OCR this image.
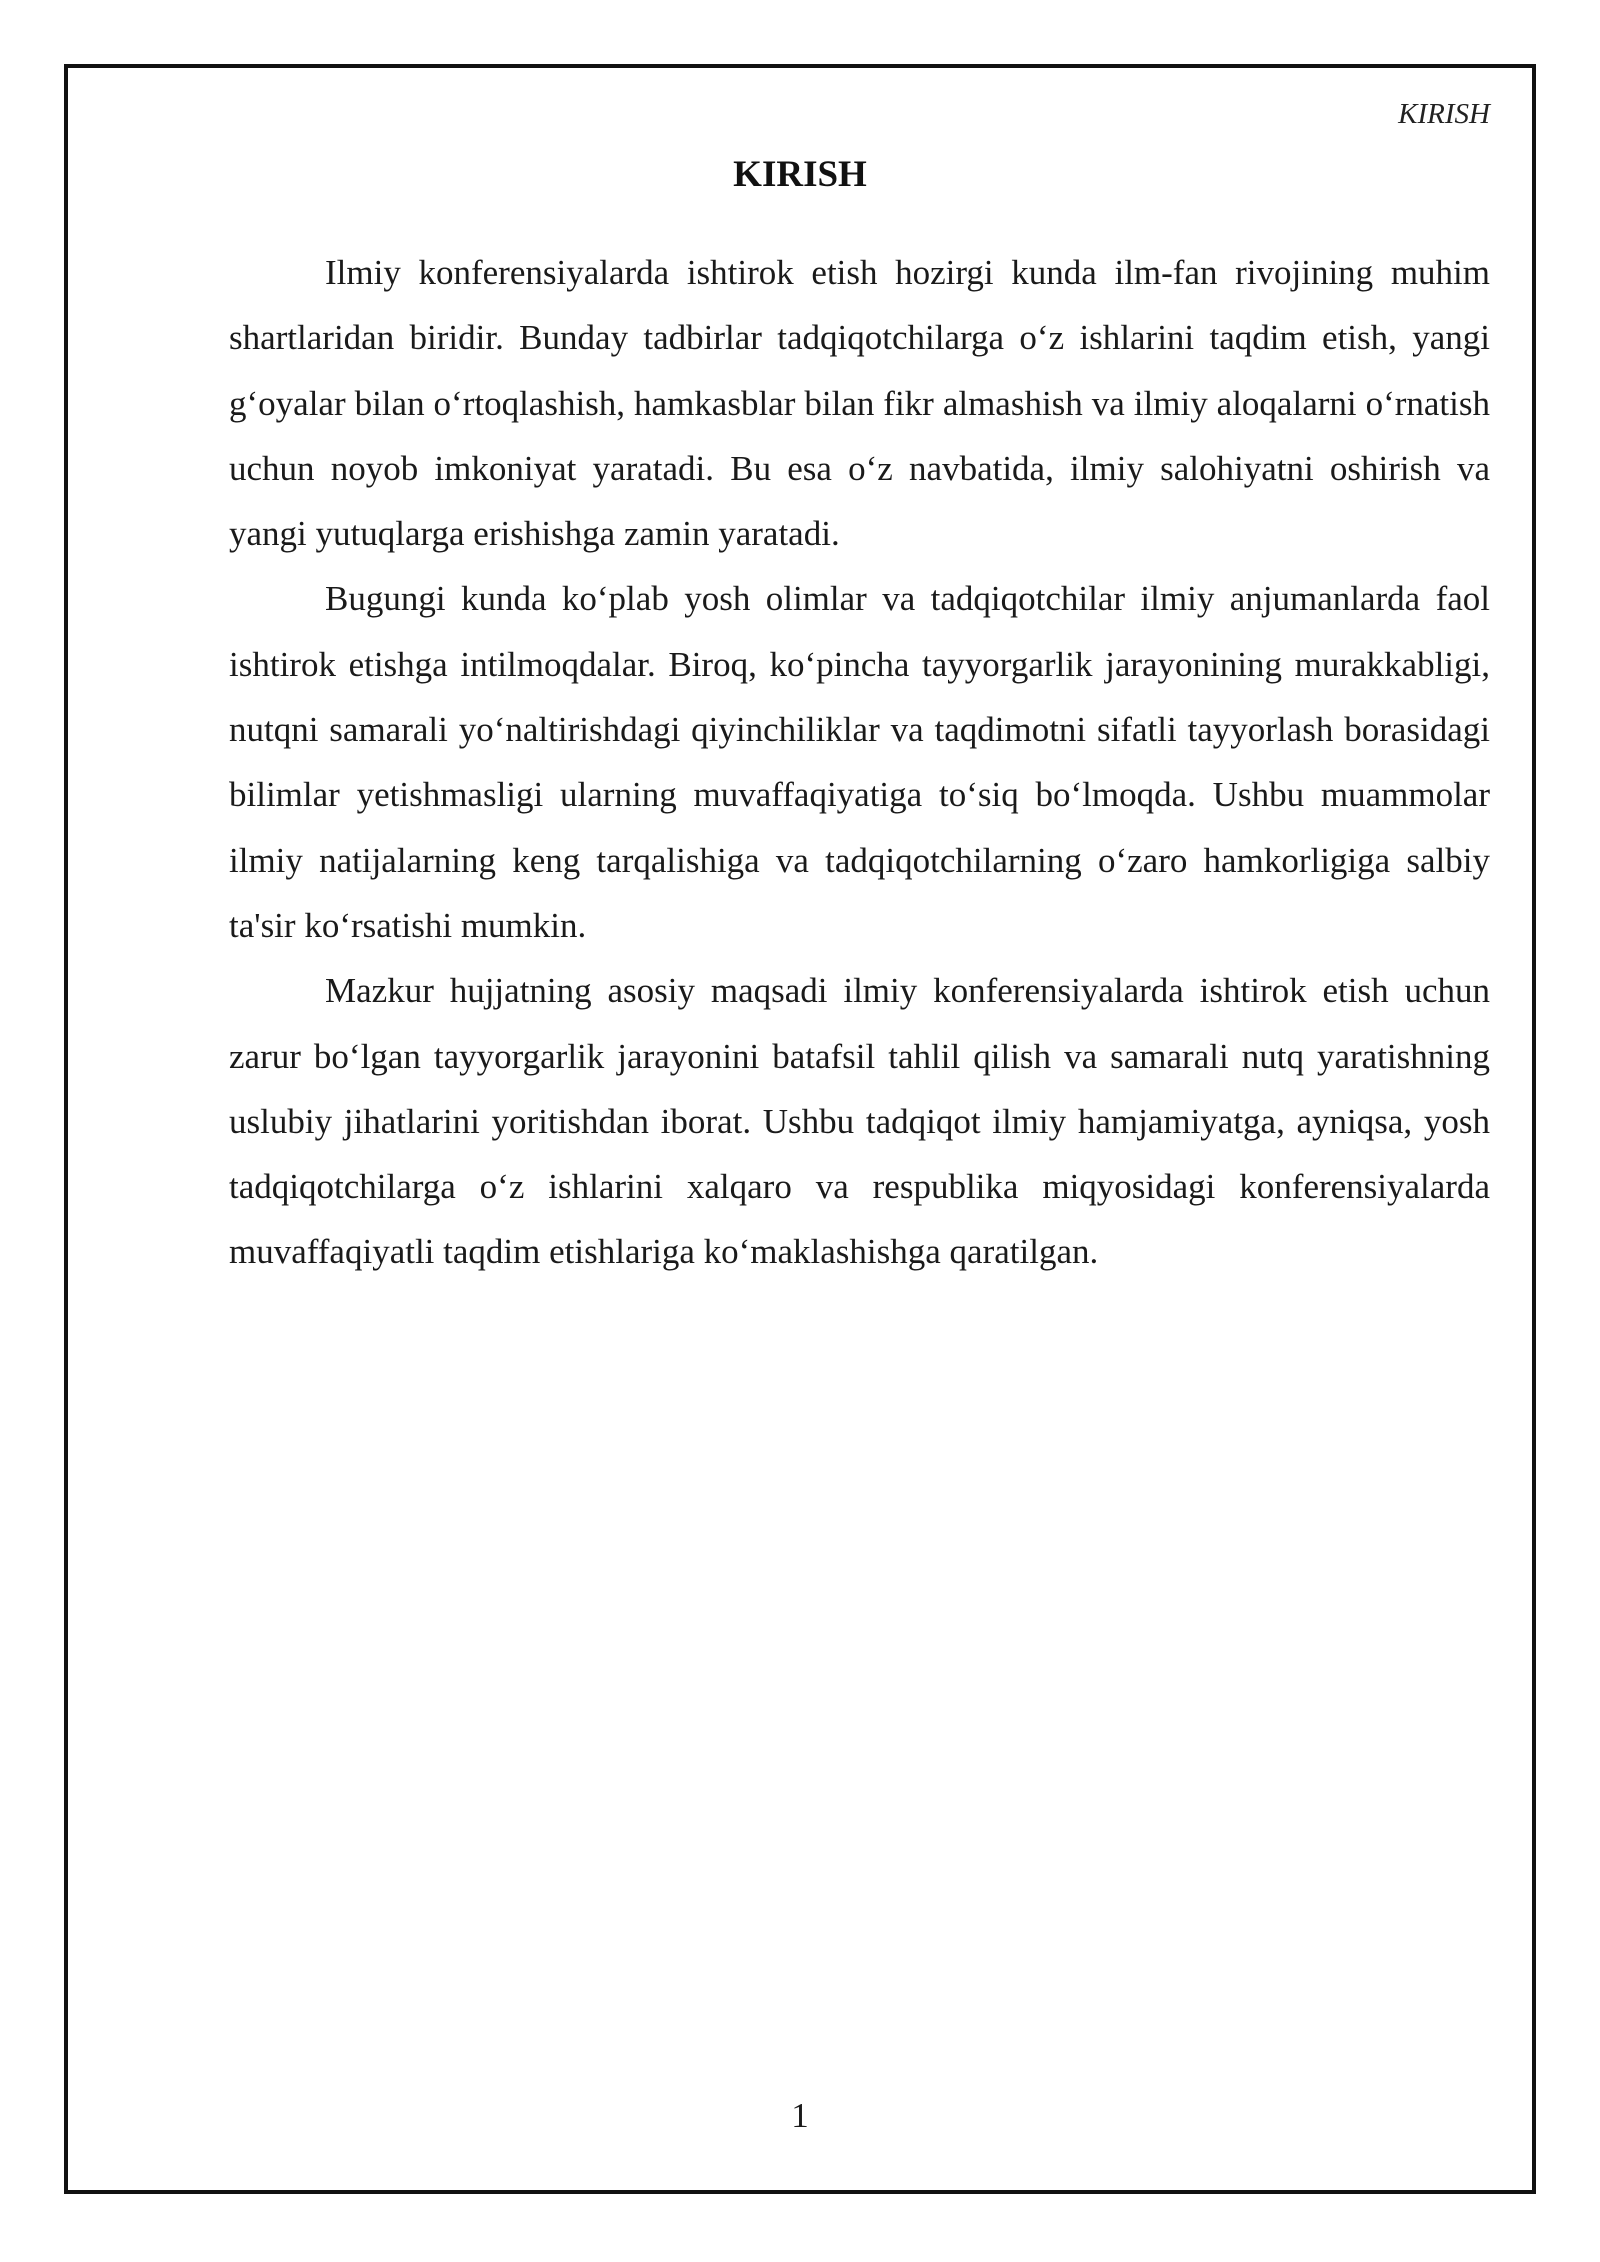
KIRISH
KIRISH

Ilmiy konferensiyalarda ishtirok etish hozirgi kunda ilm-fan rivojining muhim shartlaridan biridir. Bunday tadbirlar tadqiqotchilarga o‘z ishlarini taqdim etish, yangi g‘oyalar bilan o‘rtoqlashish, hamkasblar bilan fikr almashish va ilmiy aloqalarni o‘rnatish uchun noyob imkoniyat yaratadi. Bu esa o‘z navbatida, ilmiy salohiyatni oshirish va yangi yutuqlarga erishishga zamin yaratadi.

Bugungi kunda ko‘plab yosh olimlar va tadqiqotchilar ilmiy anjumanlarda faol ishtirok etishga intilmoqdalar. Biroq, ko‘pincha tayyorgarlik jarayonining murakkabligi, nutqni samarali yo‘naltirishdagi qiyinchiliklar va taqdimotni sifatli tayyorlash borasidagi bilimlar yetishmasligi ularning muvaffaqiyatiga to‘siq bo‘lmoqda. Ushbu muammolar ilmiy natijalarning keng tarqalishiga va tadqiqotchilarning o‘zaro hamkorligiga salbiy ta'sir ko‘rsatishi mumkin.

Mazkur hujjatning asosiy maqsadi ilmiy konferensiyalarda ishtirok etish uchun zarur bo‘lgan tayyorgarlik jarayonini batafsil tahlil qilish va samarali nutq yaratishning uslubiy jihatlarini yoritishdan iborat. Ushbu tadqiqot ilmiy hamjamiyatga, ayniqsa, yosh tadqiqotchilarga o‘z ishlarini xalqaro va respublika miqyosidagi konferensiyalarda muvaffaqiyatli taqdim etishlariga ko‘maklashishga qaratilgan.

1
